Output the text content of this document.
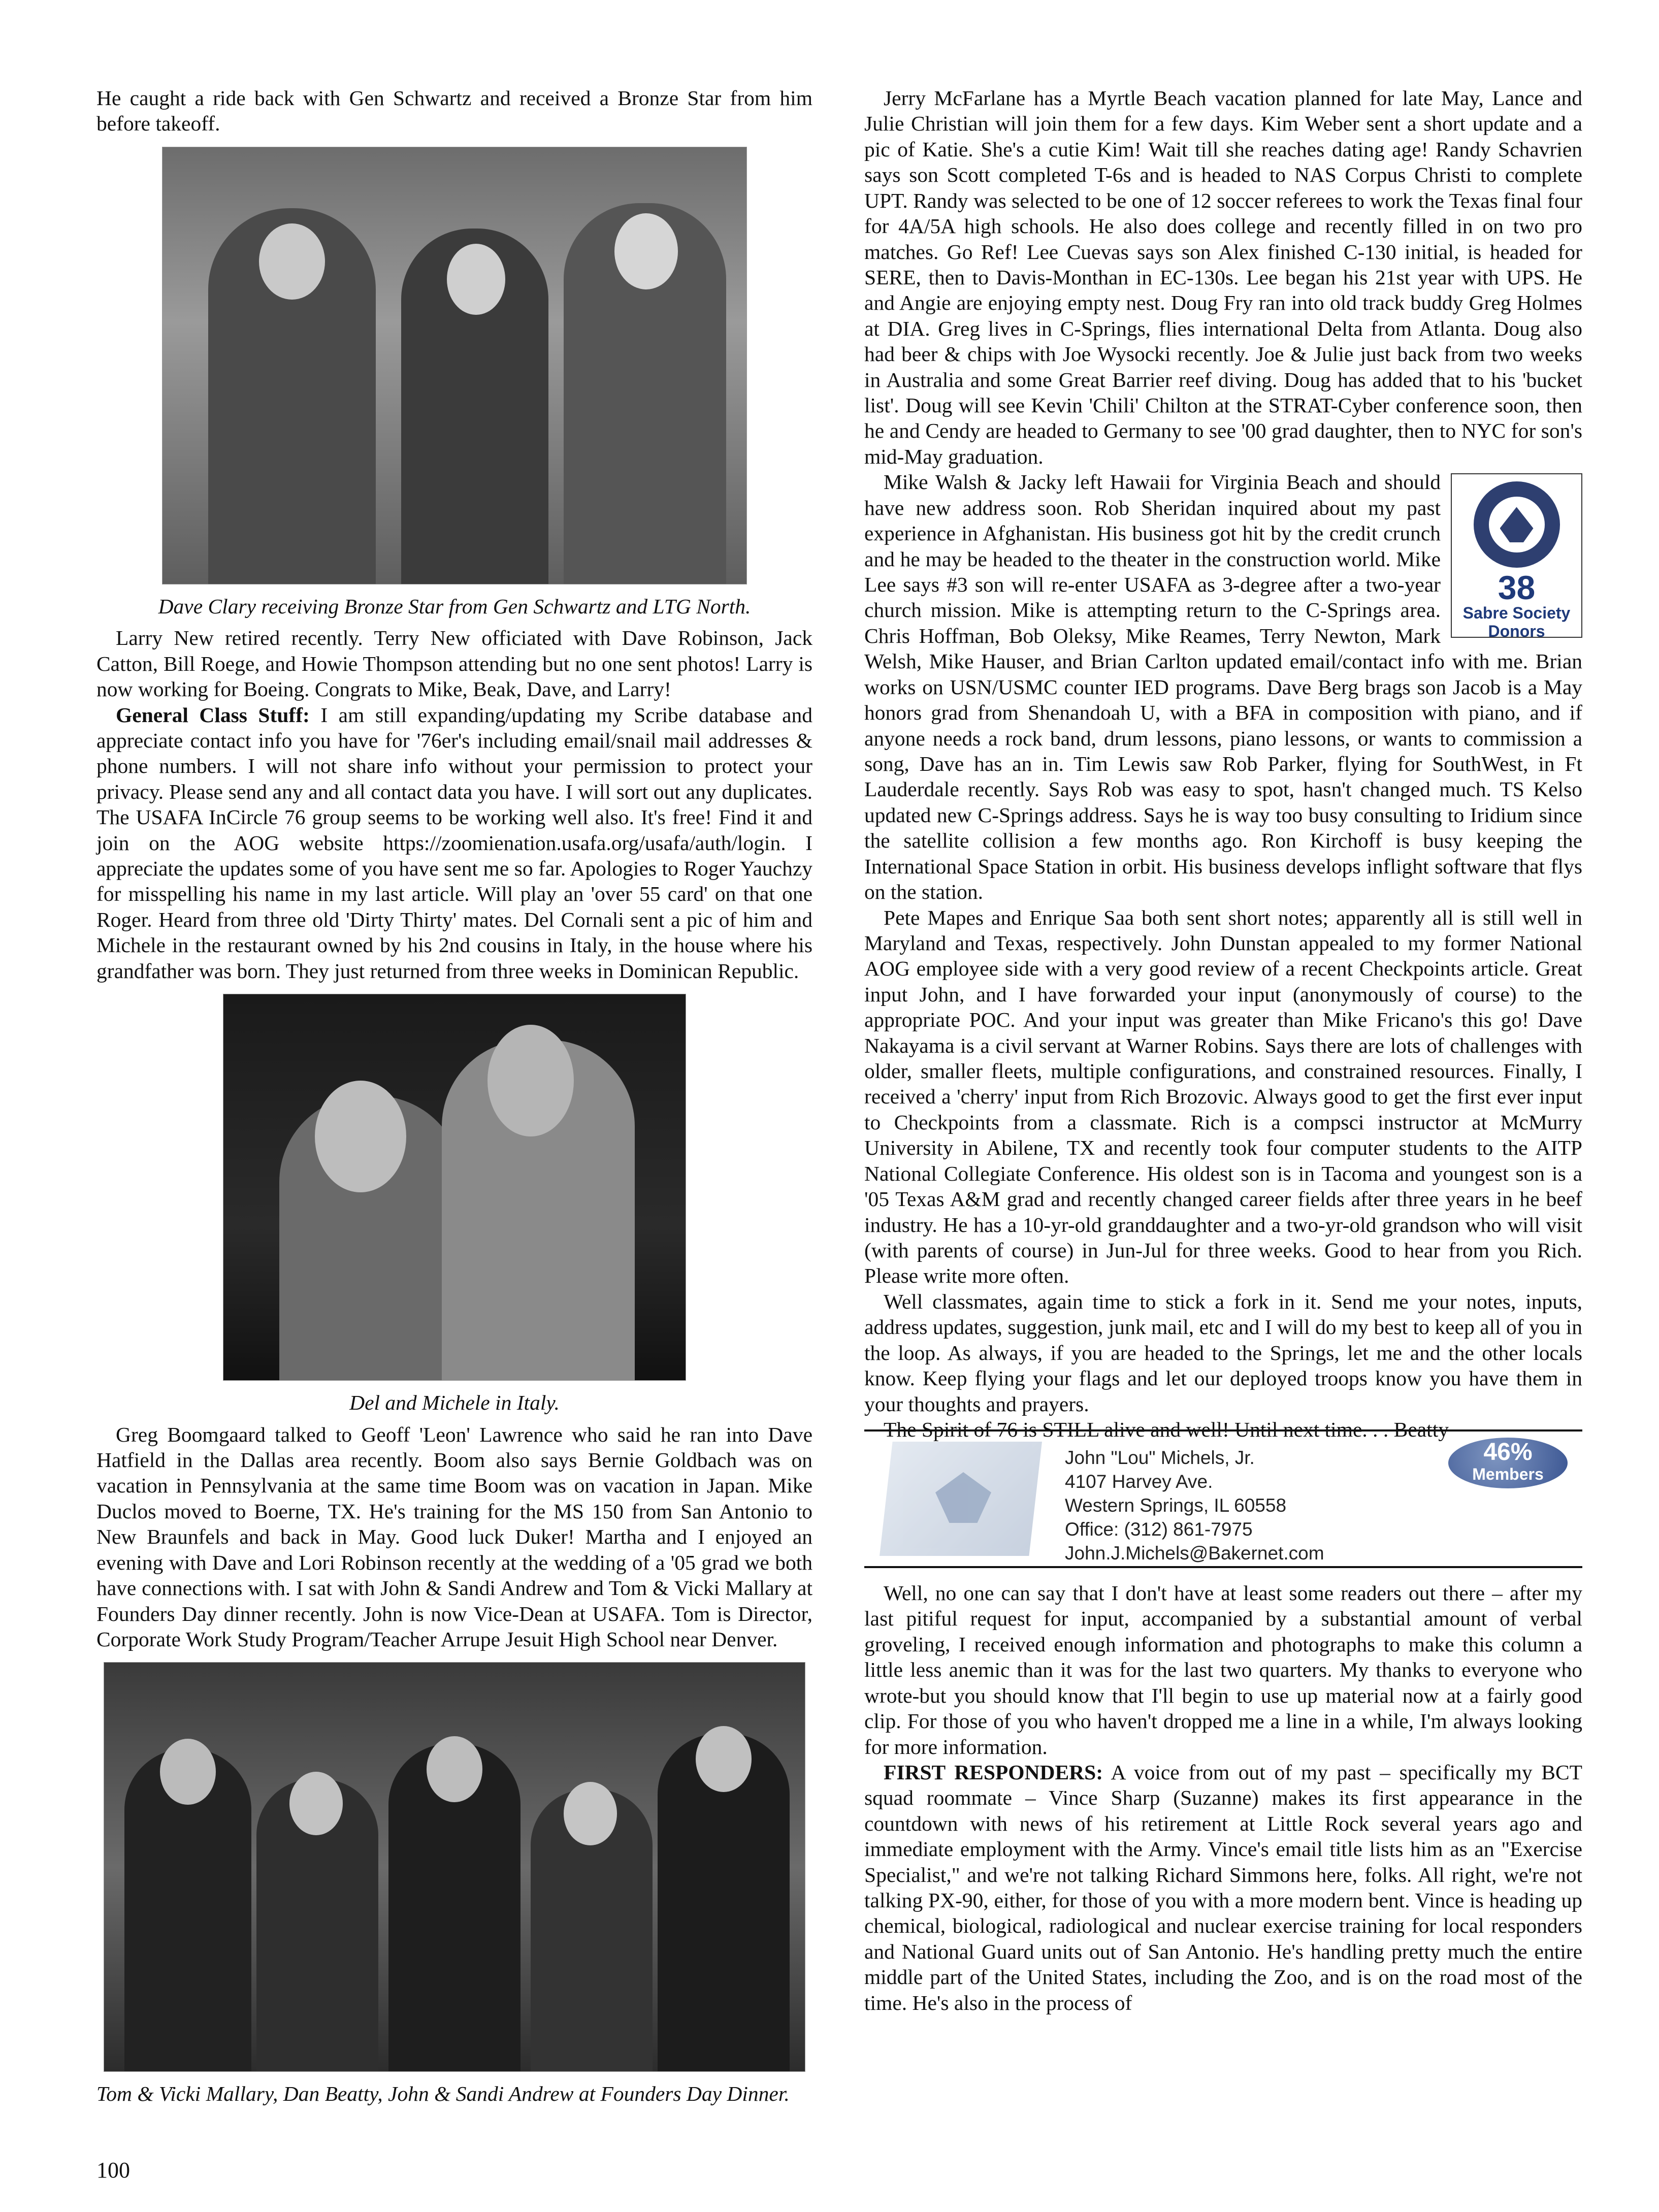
He caught a ride back with Gen Schwartz and received a Bronze Star from him before takeoff.

Dave Clary receiving Bronze Star from Gen Schwartz and LTG North.

Larry New retired recently. Terry New officiated with Dave Robinson, Jack Catton, Bill Roege, and Howie Thompson attending but no one sent photos! Larry is now working for Boeing. Congrats to Mike, Beak, Dave, and Larry!

General Class Stuff: I am still expanding/updating my Scribe database and appreciate contact info you have for '76er's including email/snail mail addresses & phone numbers. I will not share info without your permission to protect your privacy. Please send any and all contact data you have. I will sort out any duplicates. The USAFA InCircle 76 group seems to be working well also. It's free! Find it and join on the AOG website https://zoomienation.usafa.org/usafa/auth/login. I appreciate the updates some of you have sent me so far. Apologies to Roger Yauchzy for misspelling his name in my last article. Will play an 'over 55 card' on that one Roger. Heard from three old 'Dirty Thirty' mates. Del Cornali sent a pic of him and Michele in the restaurant owned by his 2nd cousins in Italy, in the house where his grandfather was born. They just returned from three weeks in Dominican Republic.

Del and Michele in Italy.

Greg Boomgaard talked to Geoff 'Leon' Lawrence who said he ran into Dave Hatfield in the Dallas area recently. Boom also says Bernie Goldbach was on vacation in Pennsylvania at the same time Boom was on vacation in Japan. Mike Duclos moved to Boerne, TX. He's training for the MS 150 from San Antonio to New Braunfels and back in May. Good luck Duker! Martha and I enjoyed an evening with Dave and Lori Robinson recently at the wedding of a '05 grad we both have connections with. I sat with John & Sandi Andrew and Tom & Vicki Mallary at Founders Day dinner recently. John is now Vice-Dean at USAFA. Tom is Director, Corporate Work Study Program/Teacher Arrupe Jesuit High School near Denver.

Tom & Vicki Mallary, Dan Beatty, John & Sandi Andrew at Founders Day Dinner.

Jerry McFarlane has a Myrtle Beach vacation planned for late May, Lance and Julie Christian will join them for a few days. Kim Weber sent a short update and a pic of Katie. She's a cutie Kim! Wait till she reaches dating age! Randy Schavrien says son Scott completed T-6s and is headed to NAS Corpus Christi to complete UPT. Randy was selected to be one of 12 soccer referees to work the Texas final four for 4A/5A high schools. He also does college and recently filled in on two pro matches. Go Ref! Lee Cuevas says son Alex finished C-130 initial, is headed for SERE, then to Davis-Monthan in EC-130s. Lee began his 21st year with UPS. He and Angie are enjoying empty nest. Doug Fry ran into old track buddy Greg Holmes at DIA. Greg lives in C-Springs, flies international Delta from Atlanta. Doug also had beer & chips with Joe Wysocki recently. Joe & Julie just back from two weeks in Australia and some Great Barrier reef diving. Doug has added that to his 'bucket list'. Doug will see Kevin 'Chili' Chilton at the STRAT-Cyber conference soon, then he and Cendy are headed to Germany to see '00 grad daughter, then to NYC for son's mid-May graduation.

38
Sabre Society
Donors

Mike Walsh & Jacky left Hawaii for Virginia Beach and should have new address soon. Rob Sheridan inquired about my past experience in Afghanistan. His business got hit by the credit crunch and he may be headed to the theater in the construction world. Mike Lee says #3 son will re-enter USAFA as 3-degree after a two-year church mission. Mike is attempting return to the C-Springs area. Chris Hoffman, Bob Oleksy, Mike Reames, Terry Newton, Mark Welsh, Mike Hauser, and Brian Carlton updated email/contact info with me. Brian works on USN/USMC counter IED programs. Dave Berg brags son Jacob is a May honors grad from Shenandoah U, with a BFA in composition with piano, and if anyone needs a rock band, drum lessons, piano lessons, or wants to commission a song, Dave has an in. Tim Lewis saw Rob Parker, flying for SouthWest, in Ft Lauderdale recently. Says Rob was easy to spot, hasn't changed much. TS Kelso updated new C-Springs address. Says he is way too busy consulting to Iridium since the satellite collision a few months ago. Ron Kirchoff is busy keeping the International Space Station in orbit. His business develops inflight software that flys on the station.

Pete Mapes and Enrique Saa both sent short notes; apparently all is still well in Maryland and Texas, respectively. John Dunstan appealed to my former National AOG employee side with a very good review of a recent Checkpoints article. Great input John, and I have forwarded your input (anonymously of course) to the appropriate POC. And your input was greater than Mike Fricano's this go! Dave Nakayama is a civil servant at Warner Robins. Says there are lots of challenges with older, smaller fleets, multiple configurations, and constrained resources. Finally, I received a 'cherry' input from Rich Brozovic. Always good to get the first ever input to Checkpoints from a classmate. Rich is a compsci instructor at McMurry University in Abilene, TX and recently took four computer students to the AITP National Collegiate Conference. His oldest son is in Tacoma and youngest son is a '05 Texas A&M grad and recently changed career fields after three years in he beef industry. He has a 10-yr-old granddaughter and a two-yr-old grandson who will visit (with parents of course) in Jun-Jul for three weeks. Good to hear from you Rich. Please write more often.

Well classmates, again time to stick a fork in it. Send me your notes, inputs, address updates, suggestion, junk mail, etc and I will do my best to keep all of you in the loop. As always, if you are headed to the Springs, let me and the other locals know. Keep flying your flags and let our deployed troops know you have them in your thoughts and prayers.

The Spirit of 76 is STILL alive and well! Until next time. . . Beatty

John "Lou" Michels, Jr.
4107 Harvey Ave.
Western Springs, IL 60558
Office: (312) 861-7975
John.J.Michels@Bakernet.com
46%
Members

Well, no one can say that I don't have at least some readers out there – after my last pitiful request for input, accompanied by a substantial amount of verbal groveling, I received enough information and photographs to make this column a little less anemic than it was for the last two quarters. My thanks to everyone who wrote-but you should know that I'll begin to use up material now at a fairly good clip. For those of you who haven't dropped me a line in a while, I'm always looking for more information.

FIRST RESPONDERS: A voice from out of my past – specifically my BCT squad roommate – Vince Sharp (Suzanne) makes its first appearance in the countdown with news of his retirement at Little Rock several years ago and immediate employment with the Army. Vince's email title lists him as an "Exercise Specialist," and we're not talking Richard Simmons here, folks. All right, we're not talking PX-90, either, for those of you with a more modern bent. Vince is heading up chemical, biological, radiological and nuclear exercise training for local responders and National Guard units out of San Antonio. He's handling pretty much the entire middle part of the United States, including the Zoo, and is on the road most of the time. He's also in the process of

100
